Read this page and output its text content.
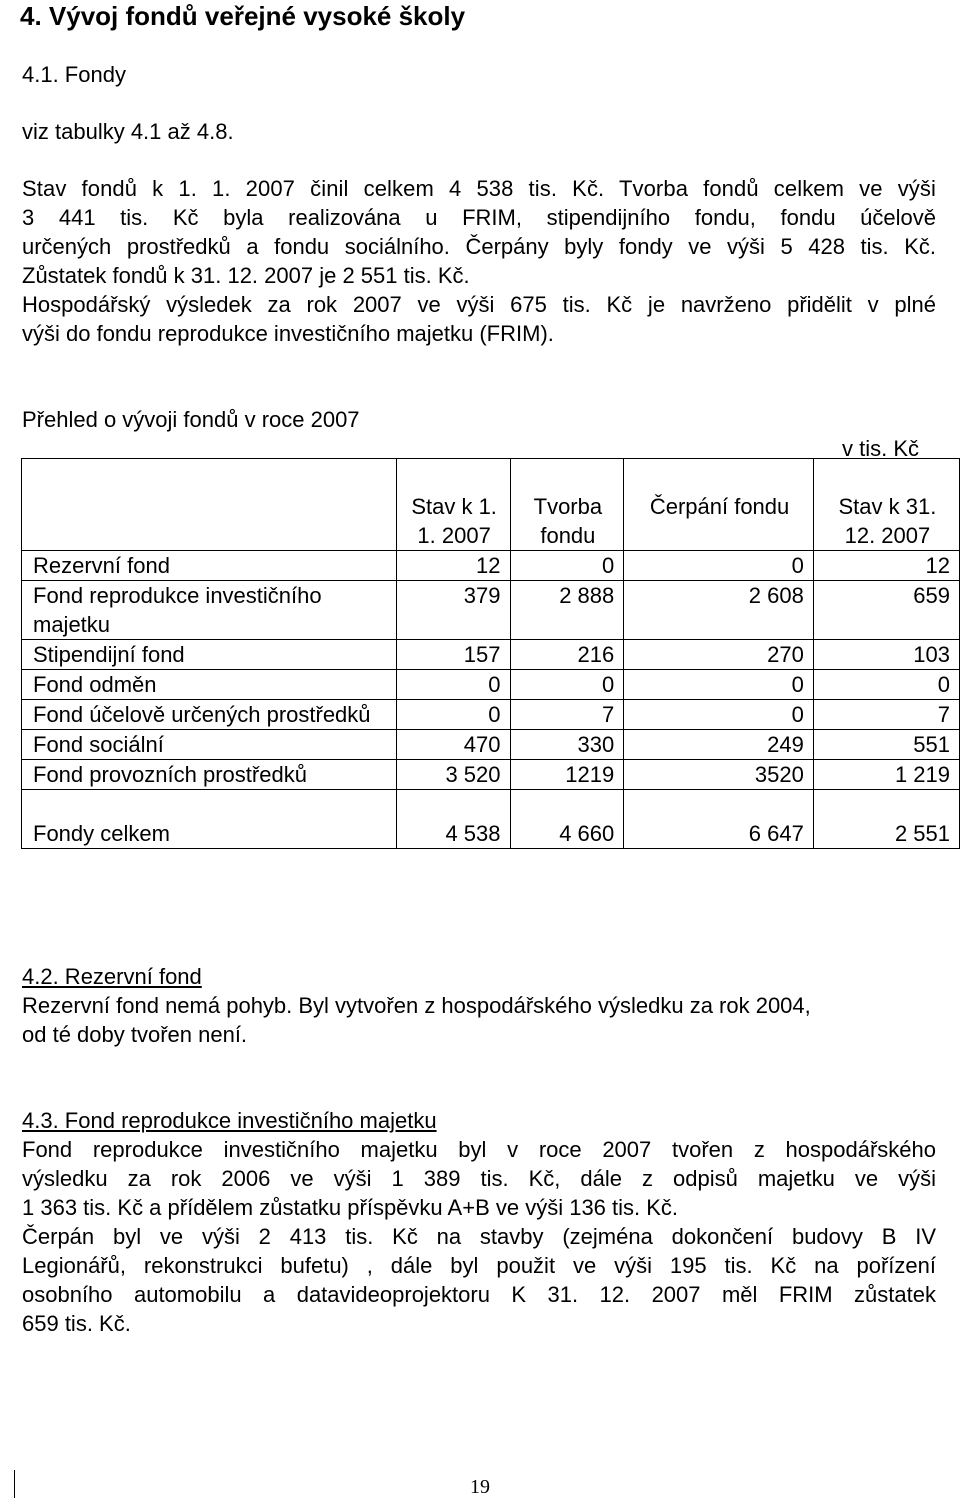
4. Vývoj fondů veřejné vysoké školy
4.1. Fondy
viz tabulky 4.1 až 4.8.
Stav fondů k 1. 1. 2007 činil celkem 4 538 tis. Kč. Tvorba fondů celkem ve výši
3 441 tis. Kč byla realizována u FRIM, stipendijního fondu, fondu účelově
určených prostředků a fondu sociálního. Čerpány byly fondy ve výši 5 428 tis. Kč.
Zůstatek fondů k 31. 12. 2007 je 2 551 tis. Kč.
Hospodářský výsledek za rok 2007 ve výši 675 tis. Kč je navrženo přidělit v plné
výši do fondu reprodukce investičního majetku (FRIM).
Přehled o vývoji fondů v roce 2007
v tis. Kč
	Stav k 1. 1. 2007	Tvorba fondu	Čerpání fondu	Stav k 31. 12. 2007
Rezervní fond	12	0	0	12
Fond reprodukce investičního majetku	379	2 888	2 608	659
Stipendijní fond	157	216	270	103
Fond odměn	0	0	0	0
Fond účelově určených prostředků	0	7	0	7
Fond sociální	470	330	249	551
Fond provozních prostředků	3 520	1219	3520	1 219
Fondy celkem	4 538	4 660	6 647	2 551
4.2. Rezervní fond
Rezervní fond nemá pohyb. Byl vytvořen z hospodářského výsledku za rok 2004,
od té doby tvořen není.
4.3. Fond reprodukce investičního majetku
Fond reprodukce investičního majetku byl v roce 2007 tvořen z hospodářského
výsledku za rok 2006 ve výši 1 389 tis. Kč, dále z odpisů majetku ve výši
1 363 tis. Kč a přídělem zůstatku příspěvku A+B ve výši 136 tis. Kč.
Čerpán byl ve výši 2 413 tis. Kč na stavby (zejména dokončení budovy B IV
Legionářů, rekonstrukci bufetu) , dále byl použit ve výši 195 tis. Kč na pořízení
osobního automobilu a datavideoprojektoru K 31. 12. 2007 měl FRIM zůstatek
659 tis. Kč.
19
